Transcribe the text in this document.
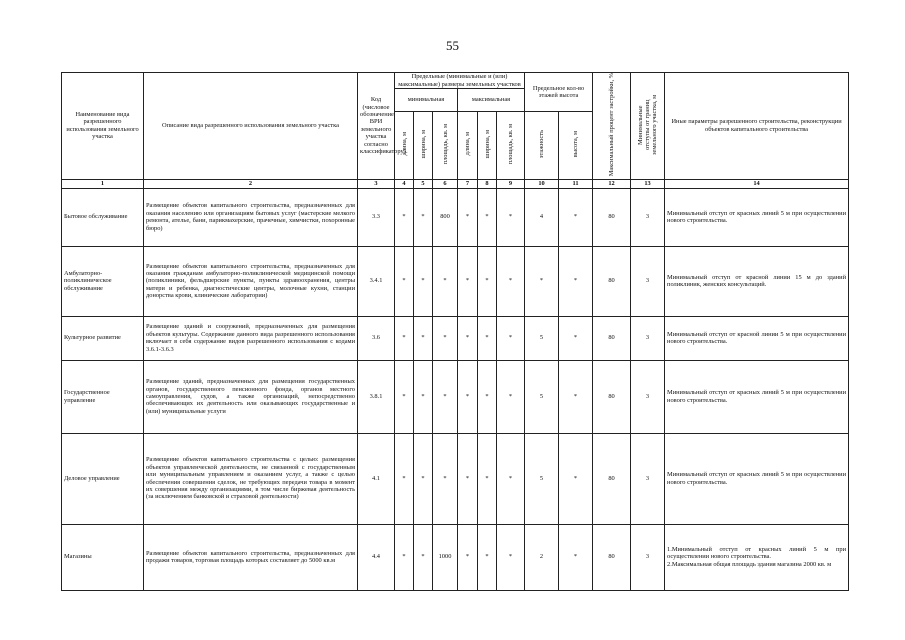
55
Наименование вида разрешенного использования земельного участка	Описание вида разрешенного использования земельного участка	Код (числовое обозначение ВРИ земельного участка согласно классификатору)	Предельные (минимальные и (или) максимальные) размеры земельных участков						Предельное кол-во этажей высота		Максимальный процент застройки, %	Минимальные отступы от границ земельного участка, м	Иные параметры разрешенного строительства, реконструкции объектов капитального строительства
			минимальная			максимальная							
			длина, м	ширина, м	площадь, кв. м	длина, м	ширина, м	площадь, кв. м	этажность	высота, м			
1	2	3	4	5	6	7	8	9	10	11	12	13	14
Бытовое обслуживание	Размещение объектов капитального строительства, предназначенных для оказания населению или организациям бытовых услуг (мастерские мелкого ремонта, ателье, бани, парикмахерские, прачечные, химчистки, похоронные бюро)	3.3	*	*	800	*	*	*	4	*	80	3	Минимальный отступ от красных линий 5 м при осуществлении нового строительства.
Амбулаторно-поликлиническое обслуживание	Размещение объектов капитального строительства, предназначенных для оказания гражданам амбулаторно-поликлинической медицинской помощи (поликлиники, фельдшерские пункты, пункты здравоохранения, центры матери и ребенка, диагностические центры, молочные кухни, станции донорства крови, клинические лаборатории)	3.4.1	*	*	*	*	*	*	*	*	80	3	Минимальный отступ от красной линии 15 м до зданий поликлиник, женских консультаций.
Культурное развитие	Размещение зданий и сооружений, предназначенных для размещения объектов культуры. Содержание данного вида разрешенного использования включает в себя содержание видов разрешенного использования с кодами 3.6.1-3.6.3	3.6	*	*	*	*	*	*	5	*	80	3	Минимальный отступ от красной линии 5 м при осуществлении нового строительства.
Государственное управление	Размещение зданий, предназначенных для размещения государственных органов, государственного пенсионного фонда, органов местного самоуправления, судов, а также организаций, непосредственно обеспечивающих их деятельность или оказывающих государственные и (или) муниципальные услуги	3.8.1	*	*	*	*	*	*	5	*	80	3	Минимальный отступ от красных линий 5 м при осуществлении нового строительства.
Деловое управление	Размещение объектов капитального строительства с целью: размещения объектов управленческой деятельности, не связанной с государственным или муниципальным управлением и оказанием услуг, а также с целью обеспечения совершения сделок, не требующих передачи товара в момент их совершения между организациями, в том числе биржевая деятельность (за исключением банковской и страховой деятельности)	4.1	*	*	*	*	*	*	5	*	80	3	Минимальный отступ от красных линий 5 м при осуществлении нового строительства.
Магазины	Размещение объектов капитального строительства, предназначенных для продажи товаров, торговая площадь которых составляет до 5000 кв.м	4.4	*	*	1000	*	*	*	2	*	80	3	1.Минимальный отступ от красных линий 5 м при осуществлении нового строительства.
2.Максимальная общая площадь здания магазина 2000 кв. м
